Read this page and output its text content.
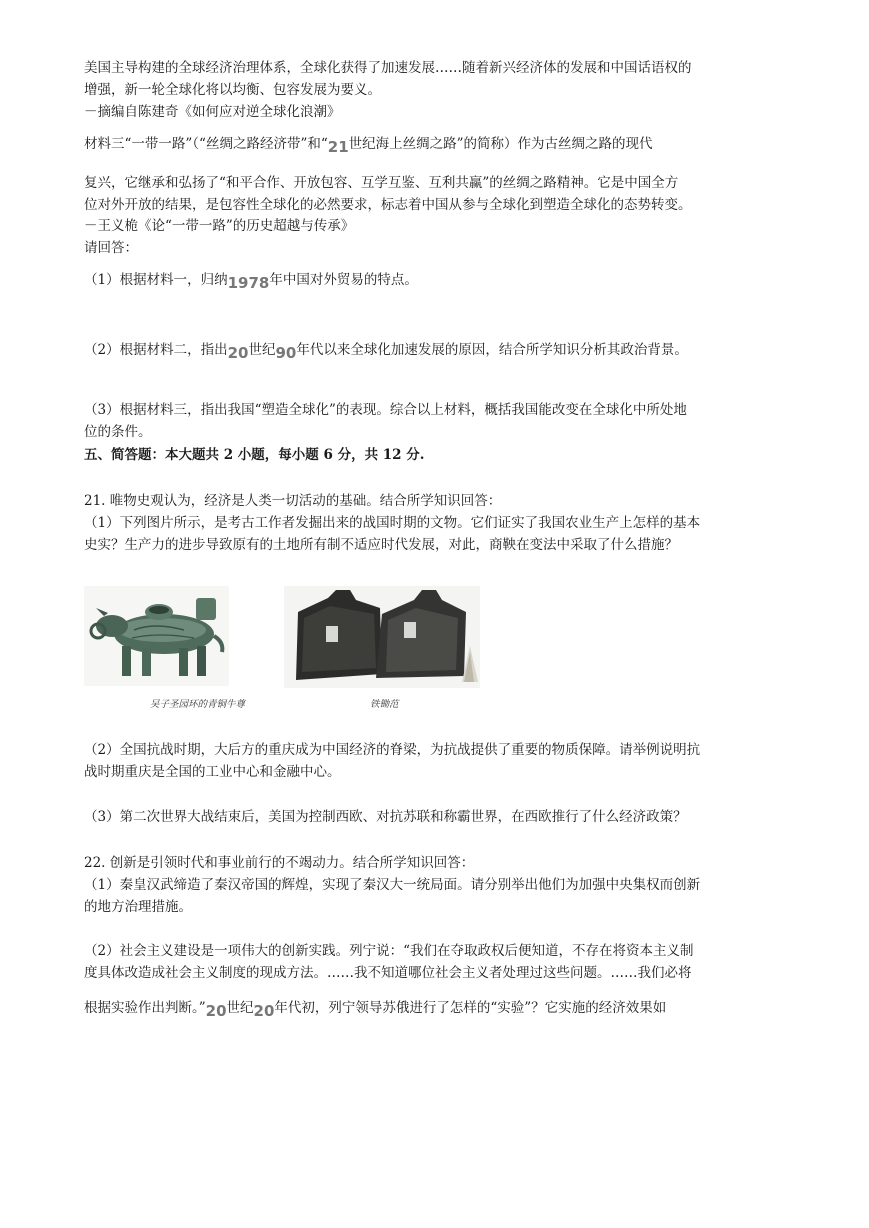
美国主导构建的全球经济治理体系，全球化获得了加速发展……随着新兴经济体的发展和中国话语权的
增强，新一轮全球化将以均衡、包容发展为要义。
－摘编自陈建奇《如何应对逆全球化浪潮》
材料三“一带一路”（“丝绸之路经济带”和“21世纪海上丝绸之路”的简称）作为古丝绸之路的现代
复兴，它继承和弘扬了“和平合作、开放包容、互学互鉴、互利共赢”的丝绸之路精神。它是中国全方
位对外开放的结果，是包容性全球化的必然要求，标志着中国从参与全球化到塑造全球化的态势转变。
－王义桅《论“一带一路”的历史超越与传承》
请回答：
（1）根据材料一，归纳1978年中国对外贸易的特点。
（2）根据材料二，指出20世纪90年代以来全球化加速发展的原因，结合所学知识分析其政治背景。
（3）根据材料三，指出我国“塑造全球化”的表现。综合以上材料，概括我国能改变在全球化中所处地
位的条件。
五、简答题：本大题共 2 小题，每小题 6 分，共 12 分.
21. 唯物史观认为，经济是人类一切活动的基础。结合所学知识回答：
（1）下列图片所示，是考古工作者发掘出来的战国时期的文物。它们证实了我国农业生产上怎样的基本
史实？生产力的进步导致原有的土地所有制不适应时代发展，对此，商鞅在变法中采取了什么措施？
吴子圣园环的青铜牛尊	铁锄范
（2）全国抗战时期，大后方的重庆成为中国经济的脊梁，为抗战提供了重要的物质保障。请举例说明抗
战时期重庆是全国的工业中心和金融中心。
（3）第二次世界大战结束后，美国为控制西欧、对抗苏联和称霸世界，在西欧推行了什么经济政策？
22. 创新是引领时代和事业前行的不竭动力。结合所学知识回答：
（1）秦皇汉武缔造了秦汉帝国的辉煌，实现了秦汉大一统局面。请分别举出他们为加强中央集权而创新
的地方治理措施。
（2）社会主义建设是一项伟大的创新实践。列宁说：“我们在夺取政权后便知道，不存在将资本主义制
度具体改造成社会主义制度的现成方法。……我不知道哪位社会主义者处理过这些问题。……我们必将
根据实验作出判断。”20世纪20年代初，列宁领导苏俄进行了怎样的“实验”？它实施的经济效果如
